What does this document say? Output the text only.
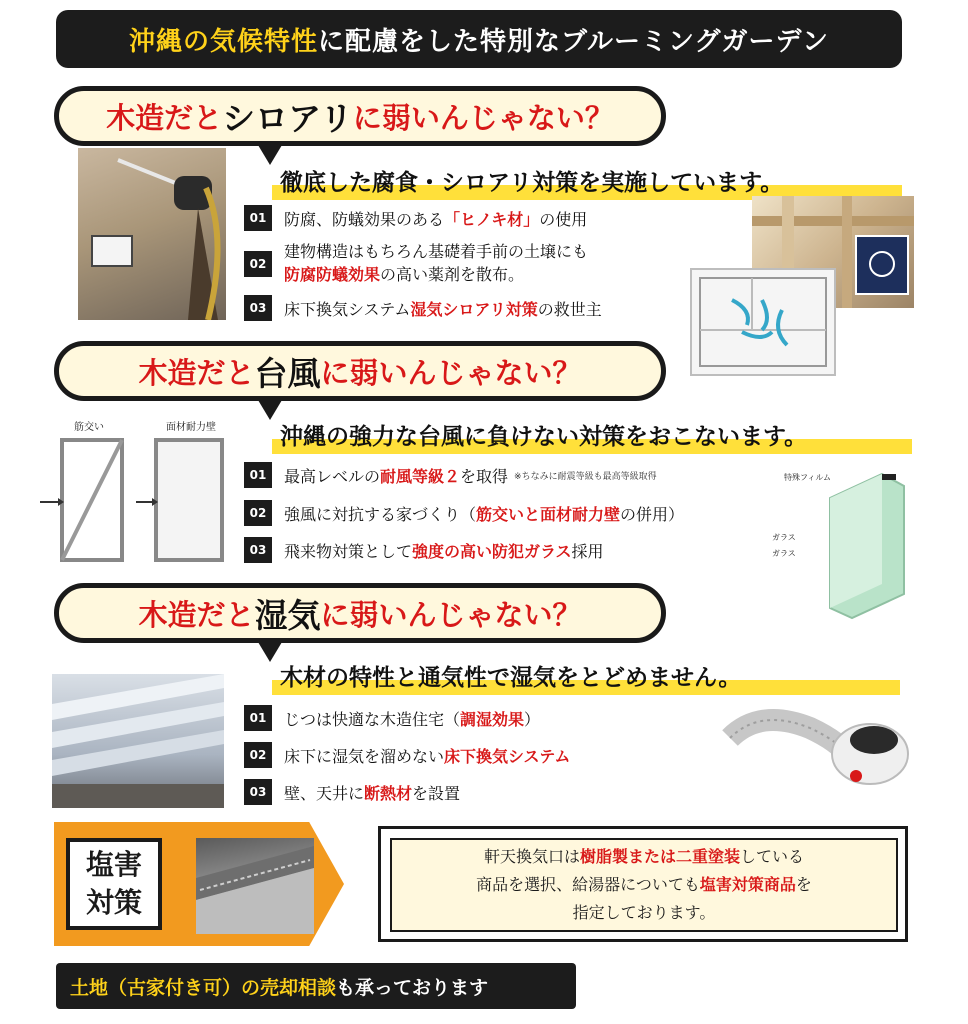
沖縄の気候特性 に配慮をした特別なブルーミングガーデン
木造だと シロアリ に弱いんじゃない？
徹底した腐食・シロアリ対策を実施しています。
01	防腐、防蟻効果のある 「ヒノキ材」 の使用
02
建物構造はもちろん基礎着手前の土壌にも
防腐防蟻効果の高い薬剤を散布。
03	床下換気システム 湿気シロアリ対策 の救世主
木造だと 台風 に弱いんじゃない？
筋交い	面材耐力壁	沖縄の強力な台風に負けない対策をおこないます。
01	最高レベルの 耐風等級２ を取得 ※ちなみに耐震等級も最高等級取得
02	強風に対抗する家づくり（ 筋交いと面材耐力壁 の併用）
03	飛来物対策として 強度の高い防犯ガラス 採用
特殊フィルム
ガラス
ガラス
木造だと 湿気 に弱いんじゃない？
木材の特性と通気性で湿気をとどめません。
01	じつは快適な木造住宅（ 調湿効果 ）
02	床下に湿気を溜めない 床下換気システム
03	壁、天井に 断熱材 を設置
塩害
対策
軒天換気口は樹脂製または二重塗装している
商品を選択、給湯器についても塩害対策商品を
指定しております。
土地（古家付き可）の売却相談 も承っております
